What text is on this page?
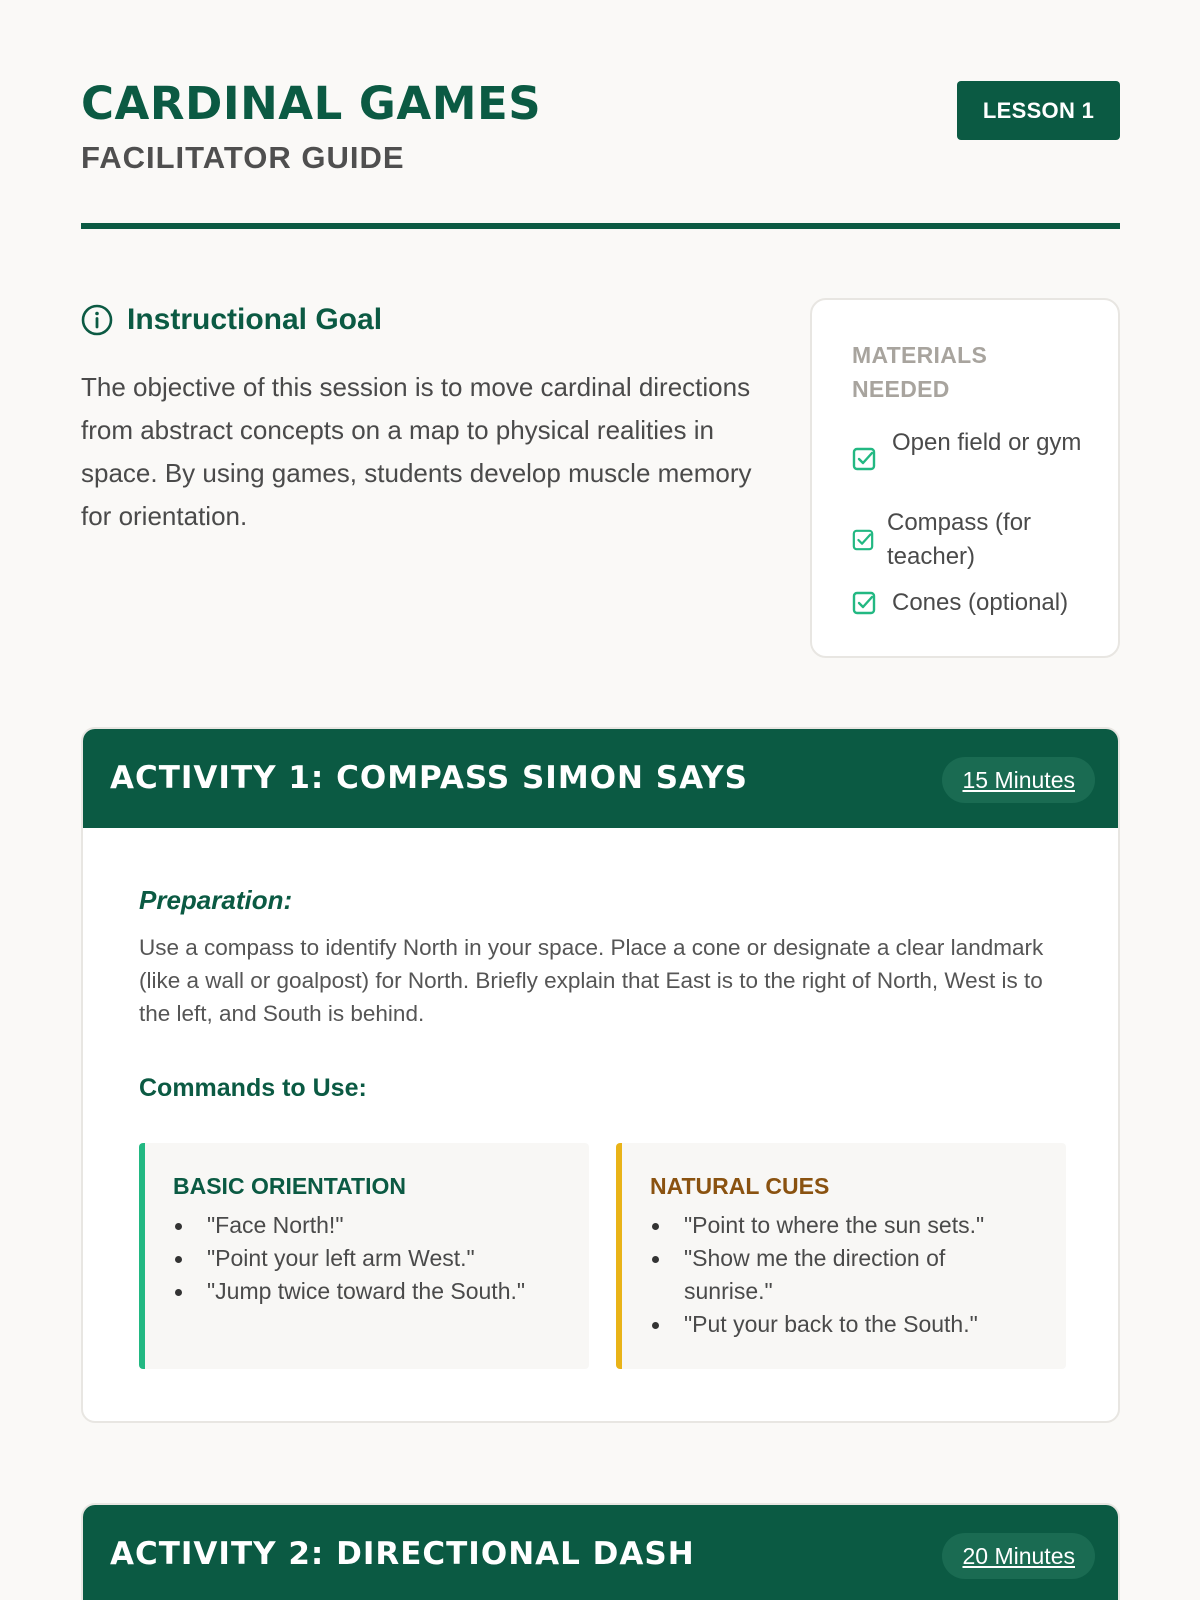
CARDINAL GAMES
FACILITATOR GUIDE
LESSON 1
Instructional Goal

The objective of this session is to move cardinal directions from abstract concepts on a map to physical realities in space. By using games, students develop muscle memory for orientation.

MATERIALS NEEDED
Open field or gym
Compass (for teacher)
Cones (optional)
ACTIVITY 1: COMPASS SIMON SAYS	15 Minutes
Preparation:

Use a compass to identify North in your space. Place a cone or designate a clear landmark (like a wall or goalpost) for North. Briefly explain that East is to the right of North, West is to the left, and South is behind.

Commands to Use:
BASIC ORIENTATION
"Face North!"
"Point your left arm West."
"Jump twice toward the South."
NATURAL CUES
"Point to where the sun sets."
"Show me the direction of sunrise."
"Put your back to the South."
ACTIVITY 2: DIRECTIONAL DASH	20 Minutes
